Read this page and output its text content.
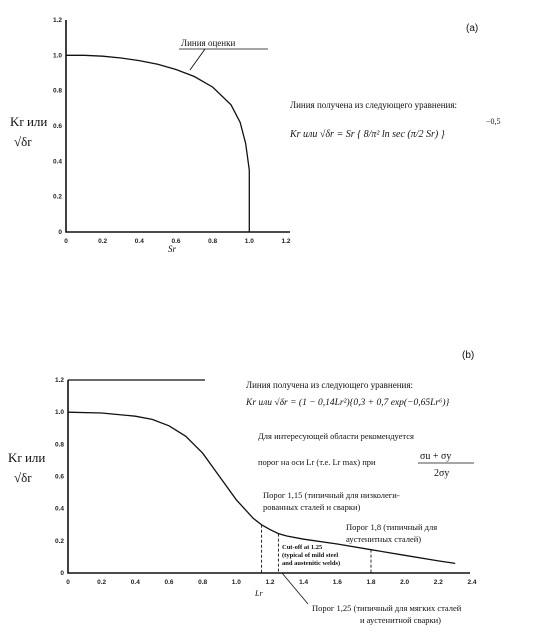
(a)
0
0.2
0.4
0.6
0.8
1.0
1.2
0	0.2	0.4	0.6	0.8	1.0	1.2
Линия оценки
Kr или
√δr
Sr
Линия получена из следующего уравнения:
Kr или √δr = Sr { 8/π² ln sec (π/2 Sr) }
−0,5
(b)
0
0.2
0.4
0.6
0.8
1.0
1.2
0	0.2	0.4	0.6	0.8	1.0	1.2	1.4	1.6	1.8	2.0	2.2	2.4
Kr или
√δr
Lr
Линия получена из следующего уравнения:
Kr или √δr = (1 − 0,14Lr²){0,3 + 0,7 exp(−0,65Lr⁶)}
Для интересующей области рекомендуется
порог на оси Lr (т.е. Lr max) при	σu + σy
2σy
Порог 1,15 (типичный для низколеги-
рованных сталей и сварки)
Порог 1,8 (типичный для
аустенитных сталей)
Cut-off at 1.25
(typical of mild steel
and austenitic welds)
Порог 1,25 (типичный для мягких сталей
и аустенитной сварки)
